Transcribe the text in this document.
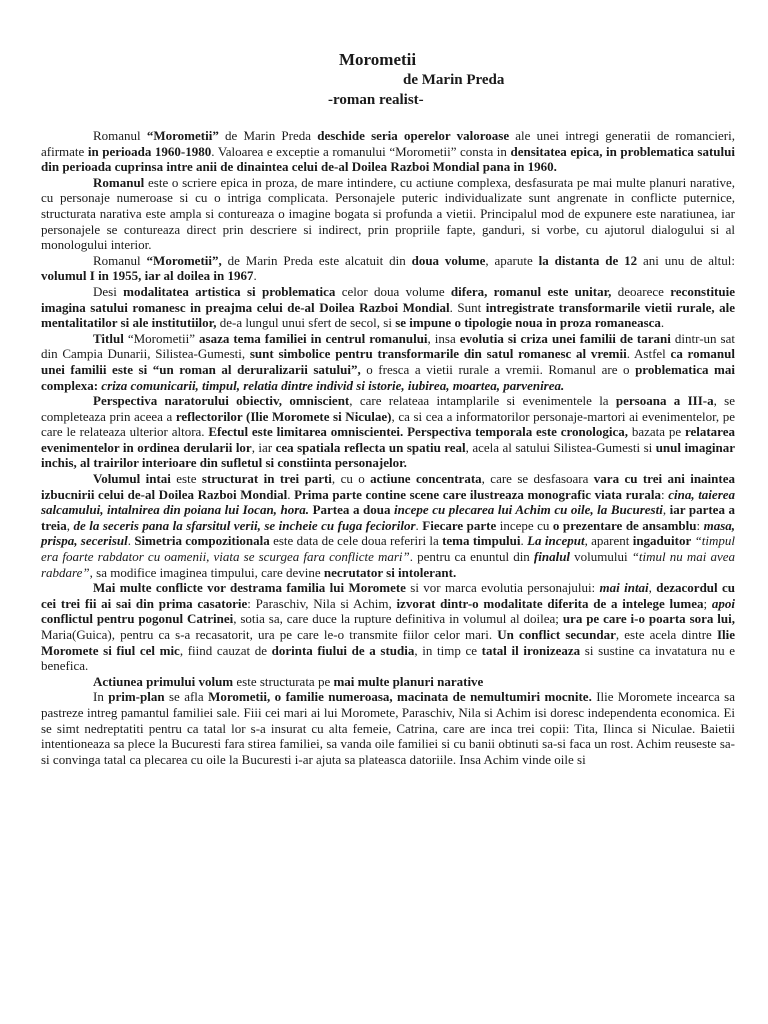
Morometii
de Marin Preda
-roman realist-

Romanul “Morometii” de Marin Preda deschide seria operelor valoroase ale unei intregi generatii de romancieri, afirmate in perioada 1960-1980. Valoarea e exceptie a romanului “Morometii” consta in densitatea epica, in problematica satului din perioada cuprinsa intre anii de dinaintea celui de-al Doilea Razboi Mondial pana in 1960.

Romanul este o scriere epica in proza, de mare intindere, cu actiune complexa, desfasurata pe mai multe planuri narative, cu personaje numeroase si cu o intriga complicata. Personajele puteric individualizate sunt angrenate in conflicte puternice, structurata narativa este ampla si contureaza o imagine bogata si profunda a vietii. Principalul mod de expunere este naratiunea, iar personajele se contureaza direct prin descriere si indirect, prin propriile fapte, ganduri, si vorbe, cu ajutorul dialogului si al monologului interior.

Romanul “Morometii”, de Marin Preda este alcatuit din doua volume, aparute la distanta de 12 ani unu de altul: volumul I in 1955, iar al doilea in 1967.

Desi modalitatea artistica si problematica celor doua volume difera, romanul este unitar, deoarece reconstituie imagina satului romanesc in preajma celui de-al Doilea Razboi Mondial. Sunt intregistrate transformarile vietii rurale, ale mentalitatilor si ale institutiilor, de-a lungul unui sfert de secol, si se impune o tipologie noua in proza romaneasca.

Titlul “Morometii” asaza tema familiei in centrul romanului, insa evolutia si criza unei familii de tarani dintr-un sat din Campia Dunarii, Silistea-Gumesti, sunt simbolice pentru transformarile din satul romanesc al vremii. Astfel ca romanul unei familii este si “un roman al deruralizarii satului”, o fresca a vietii rurale a vremii. Romanul are o problematica mai complexa: criza comunicarii, timpul, relatia dintre individ si istorie, iubirea, moartea, parvenirea.

Perspectiva naratorului obiectiv, omniscient, care relateaa intamplarile si evenimentele la persoana a III-a, se completeaza prin aceea a reflectorilor (Ilie Moromete si Niculae), ca si cea a informatorilor personaje-martori ai evenimentelor, pe care le relateaza ulterior altora. Efectul este limitarea omniscientei. Perspectiva temporala este cronologica, bazata pe relatarea evenimentelor in ordinea derularii lor, iar cea spatiala reflecta un spatiu real, acela al satului Silistea-Gumesti si unul imaginar inchis, al trairilor interioare din sufletul si constiinta personajelor.

Volumul intai este structurat in trei parti, cu o actiune concentrata, care se desfasoara vara cu trei ani inaintea izbucnirii celui de-al Doilea Razboi Mondial. Prima parte contine scene care ilustreaza monografic viata rurala: cina, taierea salcamului, intalnirea din poiana lui Iocan, hora. Partea a doua incepe cu plecarea lui Achim cu oile, la Bucuresti, iar partea a treia, de la seceris pana la sfarsitul verii, se incheie cu fuga feciorilor. Fiecare parte incepe cu o prezentare de ansamblu: masa, prispa, secerisul. Simetria compozitionala este data de cele doua referiri la tema timpului. La inceput, aparent ingaduitor “timpul era foarte rabdator cu oamenii, viata se scurgea fara conflicte mari”. pentru ca enuntul din finalul volumului “timul nu mai avea rabdare”, sa modifice imaginea timpului, care devine necrutator si intolerant.

Mai multe conflicte vor destrama familia lui Moromete si vor marca evolutia personajului: mai intai, dezacordul cu cei trei fii ai sai din prima casatorie: Paraschiv, Nila si Achim, izvorat dintr-o modalitate diferita de a intelege lumea; apoi conflictul pentru pogonul Catrinei, sotia sa, care duce la rupture definitiva in volumul al doilea; ura pe care i-o poarta sora lui, Maria(Guica), pentru ca s-a recasatorit, ura pe care le-o transmite fiilor celor mari. Un conflict secundar, este acela dintre Ilie Moromete si fiul cel mic, fiind cauzat de dorinta fiului de a studia, in timp ce tatal il ironizeaza si sustine ca invatatura nu e benefica.

Actiunea primului volum este structurata pe mai multe planuri narative

In prim-plan se afla Morometii, o familie numeroasa, macinata de nemultumiri mocnite. Ilie Moromete incearca sa pastreze intreg pamantul familiei sale. Fiii cei mari ai lui Moromete, Paraschiv, Nila si Achim isi doresc independenta economica. Ei se simt nedreptatiti pentru ca tatal lor s-a insurat cu alta femeie, Catrina, care are inca trei copii: Tita, Ilinca si Niculae. Baietii intentioneaza sa plece la Bucuresti fara stirea familiei, sa vanda oile familiei si cu banii obtinuti sa-si faca un rost. Achim reuseste sa-si convinga tatal ca plecarea cu oile la Bucuresti i-ar ajuta sa plateasca datoriile. Insa Achim vinde oile si
